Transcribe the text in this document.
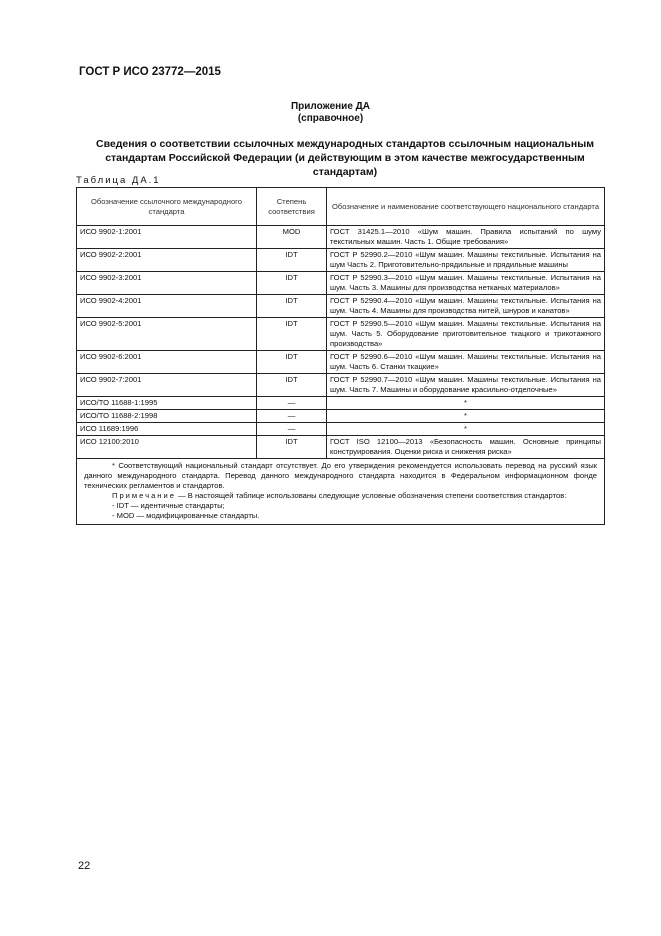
ГОСТ Р ИСО 23772—2015
Приложение ДА
(справочное)
Сведения о соответствии ссылочных международных стандартов ссылочным национальным стандартам Российской Федерации (и действующим в этом качестве межгосударственным стандартам)
Таблица ДА.1
Обозначение ссылочного международного стандарта	Степень соответствия	Обозначение и наименование соответствующего национального стандарта
ИСО 9902-1:2001	MOD	ГОСТ 31425.1—2010 «Шум машин. Правила испытаний по шуму текстильных машин. Часть 1. Общие требования»
ИСО 9902-2:2001	IDT	ГОСТ Р 52990.2—2010 «Шум машин. Машины текстильные. Испытания на шум Часть 2. Приготовительно-прядильные и прядильные машины
ИСО 9902-3:2001	IDT	ГОСТ Р 52990.3—2010 «Шум машин. Машины текстильные. Испытания на шум. Часть 3. Машины для производства нетканых материалов»
ИСО 9902-4:2001	IDT	ГОСТ Р 52990.4—2010 «Шум машин. Машины текстильные. Испытания на шум. Часть 4. Машины для производства нитей, шнуров и канатов»
ИСО 9902-5:2001	IDT	ГОСТ Р 52990.5—2010 «Шум машин. Машины текстильные. Испытания на шум. Часть 5. Оборудование приготовительное ткацкого и трикотажного производства»
ИСО 9902-6:2001	IDT	ГОСТ Р 52990.6—2010 «Шум машин. Машины текстильные. Испытания на шум. Часть 6. Станки ткацкие»
ИСО 9902-7:2001	IDT	ГОСТ Р 52990.7—2010 «Шум машин. Машины текстильные. Испытания на шум. Часть 7. Машины и оборудование красильно-отделочные»
ИСО/ТО 11688-1:1995	—	*
ИСО/ТО 11688-2:1998	—	*
ИСО 11689:1996	—	*
ИСО 12100:2010	IDT	ГОСТ ISO 12100—2013 «Безопасность машин. Основные принципы конструирования. Оценки риска и снижения риска»

* Соответствующий национальный стандарт отсутствует. До его утверждения рекомендуется использовать перевод на русский язык данного международного стандарта. Перевод данного международного стандарта находится в Федеральном информационном фонде технических регламентов и стандартов.
Примечание — В настоящей таблице использованы следующие условные обозначения степени соответствия стандартов:
- IDT — идентичные стандарты;
- MOD — модифицированные стандарты.		
22
